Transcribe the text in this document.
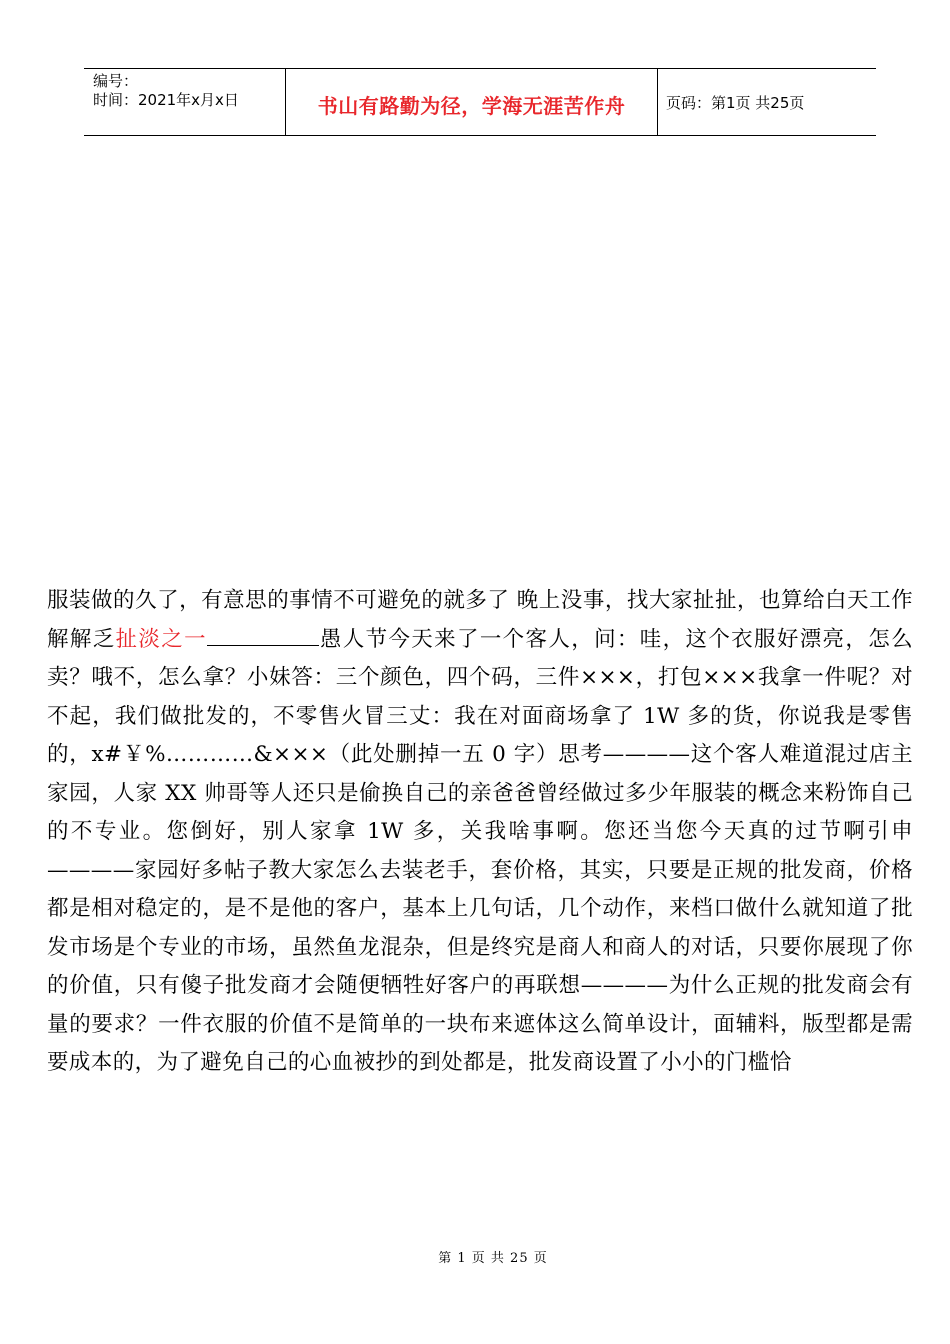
编号：
时间：2021年x月x日	书山有路勤为径，学海无涯苦作舟	页码：第1页 共25页

服装做的久了，有意思的事情不可避免的就多了 晚上没事，找大家扯扯，也算给白天工作解解乏扯淡之一	愚人节今天来了一个客人，问：哇，这个衣服好漂亮，怎么卖？哦不，怎么拿？小妹答：三个颜色，四个码，三件×××，打包×××我拿一件呢？对不起，我们做批发的，不零售火冒三丈：我在对面商场拿了 1W 多的货，你说我是零售的，x#￥%…………&×××（此处删掉一五 0 字）思考————这个客人难道混过店主家园，人家 XX 帅哥等人还只是偷换自己的亲爸爸曾经做过多少年服装的概念来粉饰自己的不专业。您倒好，别人家拿 1W 多，关我啥事啊。您还当您今天真的过节啊引申————家园好多帖子教大家怎么去装老手，套价格，其实，只要是正规的批发商，价格都是相对稳定的，是不是他的客户，基本上几句话，几个动作，来档口做什么就知道了批发市场是个专业的市场，虽然鱼龙混杂，但是终究是商人和商人的对话，只要你展现了你的价值，只有傻子批发商才会随便牺牲好客户的再联想————为什么正规的批发商会有量的要求？一件衣服的价值不是简单的一块布来遮体这么简单设计，面辅料，版型都是需要成本的，为了避免自己的心血被抄的到处都是，批发商设置了小小的门槛恰

第 1 页 共 25 页
